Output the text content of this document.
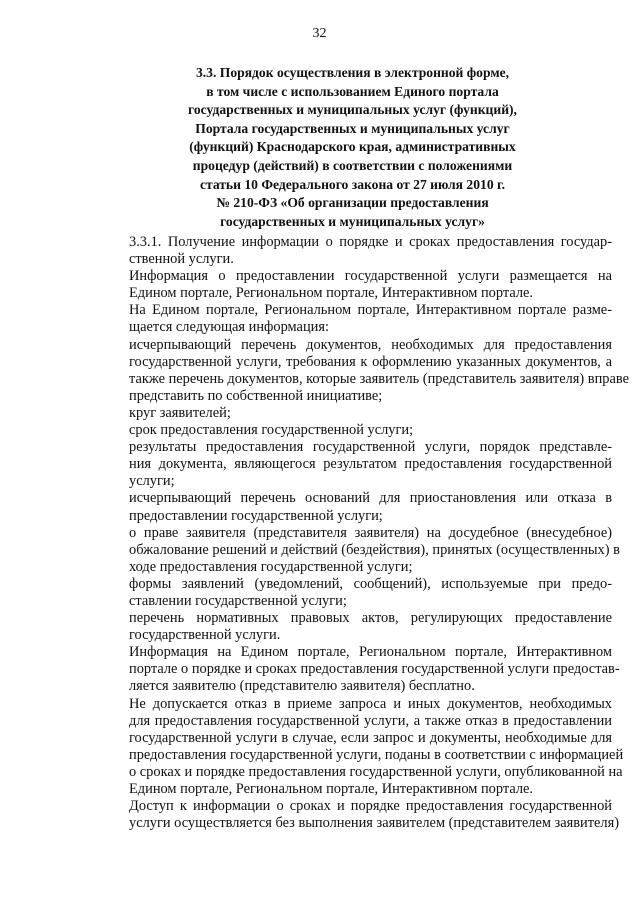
32
3.3. Порядок осуществления в электронной форме,
в том числе с использованием Единого портала
государственных и муниципальных услуг (функций),
Портала государственных и муниципальных услуг
(функций) Краснодарского края, административных
процедур (действий) в соответствии с положениями
статьи 10 Федерального закона от 27 июля 2010 г.
№ 210-ФЗ «Об организации предоставления
государственных и муниципальных услуг»

3.3.1. Получение информации о порядке и сроках предоставления государ-
ственной услуги.

Информация о предоставлении государственной услуги размещается на
Едином портале, Региональном портале, Интерактивном портале.

На Едином портале, Региональном портале, Интерактивном портале разме-
щается следующая информация:

исчерпывающий перечень документов, необходимых для предоставления
государственной услуги, требования к оформлению указанных документов, а
также перечень документов, которые заявитель (представитель заявителя) вправе
представить по собственной инициативе;

круг заявителей;

срок предоставления государственной услуги;

результаты предоставления государственной услуги, порядок представле-
ния документа, являющегося результатом предоставления государственной
услуги;

исчерпывающий перечень оснований для приостановления или отказа в
предоставлении государственной услуги;

о праве заявителя (представителя заявителя) на досудебное (внесудебное)
обжалование решений и действий (бездействия), принятых (осуществленных) в
ходе предоставления государственной услуги;

формы заявлений (уведомлений, сообщений), используемые при предо-
ставлении государственной услуги;

перечень нормативных правовых актов, регулирующих предоставление
государственной услуги.

Информация на Едином портале, Региональном портале, Интерактивном
портале о порядке и сроках предоставления государственной услуги предостав-
ляется заявителю (представителю заявителя) бесплатно.

Не допускается отказ в приеме запроса и иных документов, необходимых
для предоставления государственной услуги, а также отказ в предоставлении
государственной услуги в случае, если запрос и документы, необходимые для
предоставления государственной услуги, поданы в соответствии с информацией
о сроках и порядке предоставления государственной услуги, опубликованной на
Едином портале, Региональном портале, Интерактивном портале.

Доступ к информации о сроках и порядке предоставления государственной
услуги осуществляется без выполнения заявителем (представителем заявителя)
